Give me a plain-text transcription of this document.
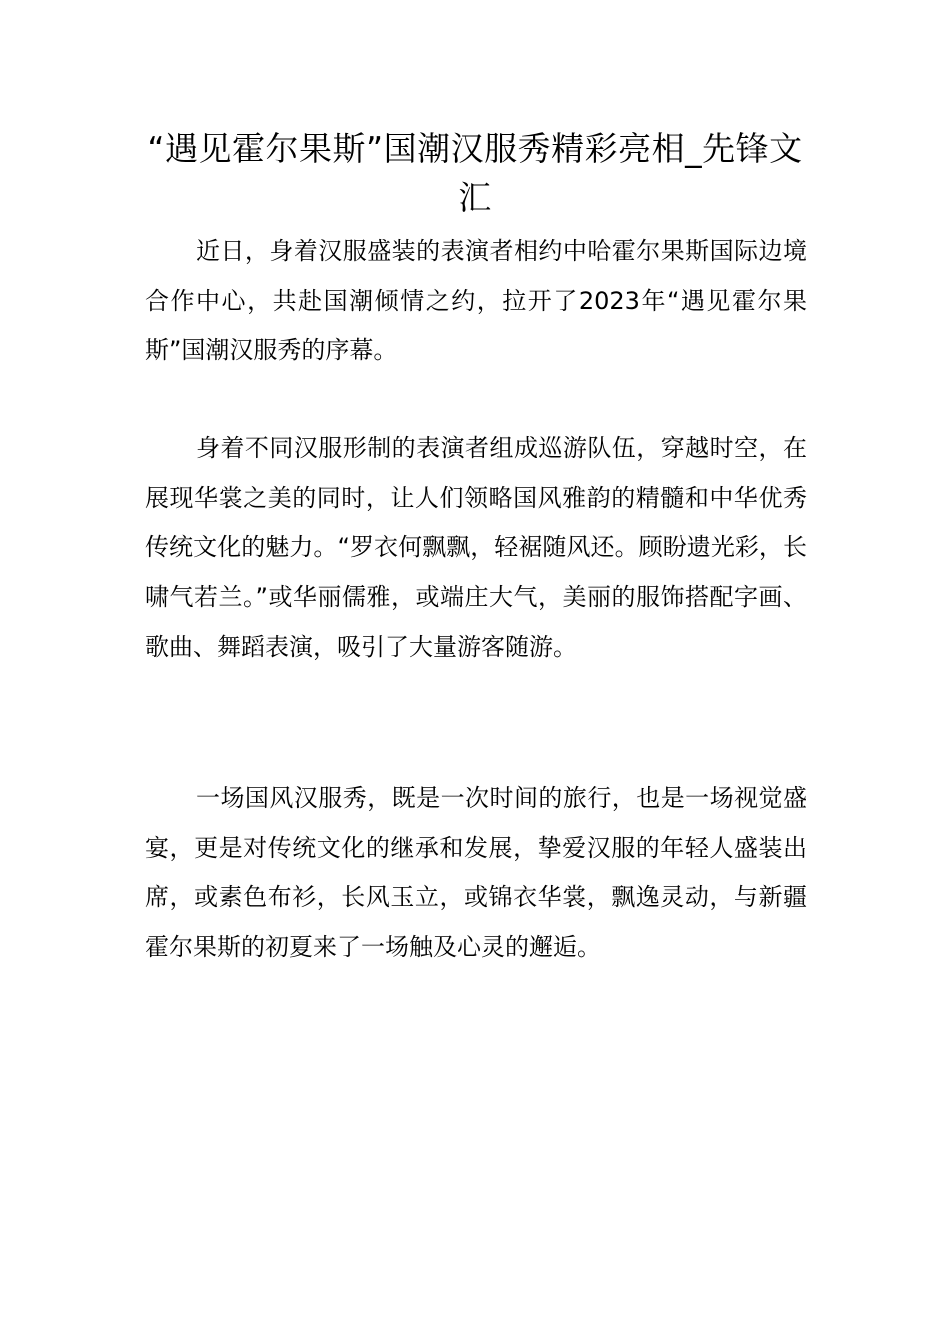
“遇见霍尔果斯”国潮汉服秀精彩亮相_先锋文汇

近日，身着汉服盛装的表演者相约中哈霍尔果斯国际边境合作中心，共赴国潮倾情之约，拉开了2023年“遇见霍尔果斯”国潮汉服秀的序幕。

身着不同汉服形制的表演者组成巡游队伍，穿越时空，在展现华裳之美的同时，让人们领略国风雅韵的精髓和中华优秀传统文化的魅力。“罗衣何飘飘，轻裾随风还。顾盼遗光彩，长啸气若兰。”或华丽儒雅，或端庄大气，美丽的服饰搭配字画、歌曲、舞蹈表演，吸引了大量游客随游。

一场国风汉服秀，既是一次时间的旅行，也是一场视觉盛宴，更是对传统文化的继承和发展，挚爱汉服的年轻人盛装出席，或素色布衫，长风玉立，或锦衣华裳，飘逸灵动，与新疆霍尔果斯的初夏来了一场触及心灵的邂逅。
